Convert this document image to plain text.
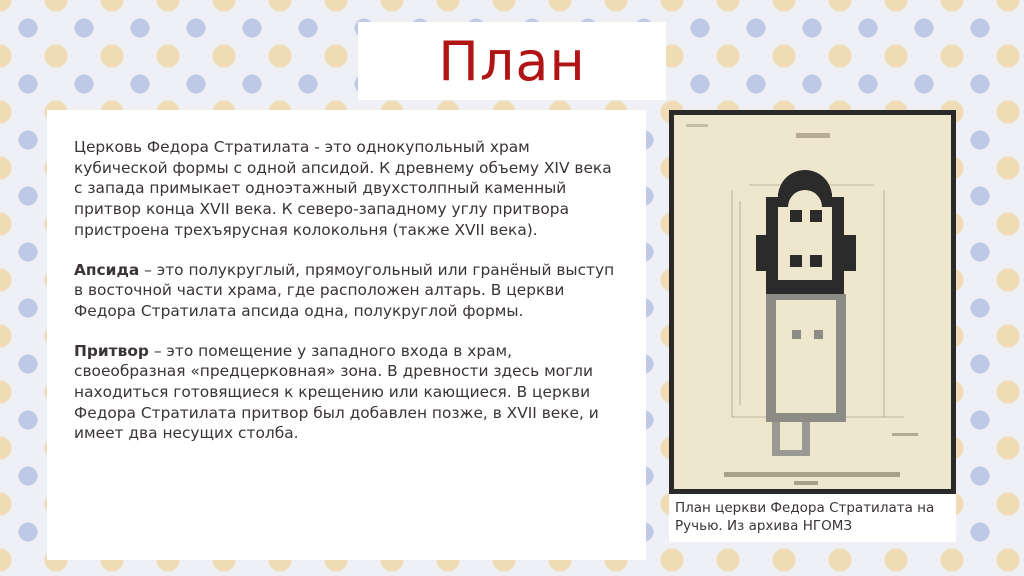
План

Церковь Федора Стратилата - это однокупольный храм кубической формы с одной апсидой. К древнему объему XIV века с запада примыкает одноэтажный двухстолпный каменный притвор конца XVII века. К северо-западному углу притвора пристроена трехъярусная колокольня (также XVII века).

Апсида – это полукруглый, прямоугольный или гранёный выступ в восточной части храма, где расположен алтарь. В церкви Федора Стратилата апсида одна, полукруглой формы.

Притвор – это помещение у западного входа в храм, своеобразная «предцерковная» зона. В древности здесь могли находиться готовящиеся к крещению или кающиеся. В церкви Федора Стратилата притвор был добавлен позже, в XVII веке, и имеет два несущих столба.

План церкви Федора Стратилата на Ручью. Из архива НГОМЗ
